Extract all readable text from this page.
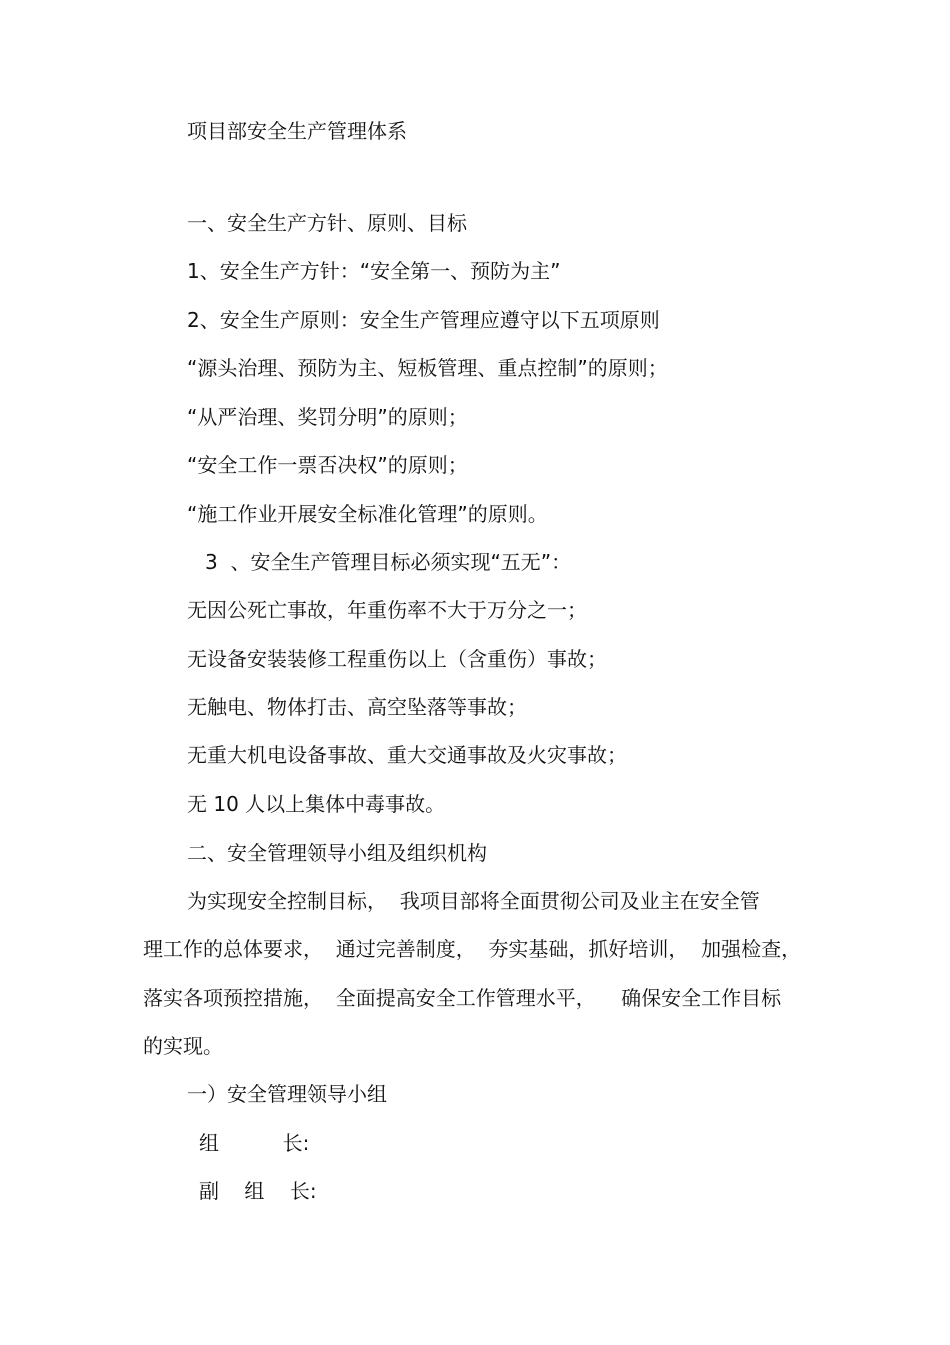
项目部安全生产管理体系
一、安全生产方针、原则、目标
1、安全生产方针：“安全第一、预防为主”
2、安全生产原则：安全生产管理应遵守以下五项原则
“源头治理、预防为主、短板管理、重点控制”的原则；
“从严治理、奖罚分明”的原则；
“安全工作一票否决权”的原则；
“施工作业开展安全标准化管理”的原则。
3  、安全生产管理目标必须实现“五无”：
无因公死亡事故，年重伤率不大于万分之一；
无设备安装装修工程重伤以上（含重伤）事故；
无触电、物体打击、高空坠落等事故；
无重大机电设备事故、重大交通事故及火灾事故；
无 10 人以上集体中毒事故。
二、安全管理领导小组及组织机构
为实现安全控制目标，  我项目部将全面贯彻公司及业主在安全管
理工作的总体要求，  通过完善制度，  夯实基础，抓好培训，  加强检查，
落实各项预控措施，  全面提高安全工作管理水平，    确保安全工作目标
的实现。
一）安全管理领导小组
组          长:
副    组    长:
